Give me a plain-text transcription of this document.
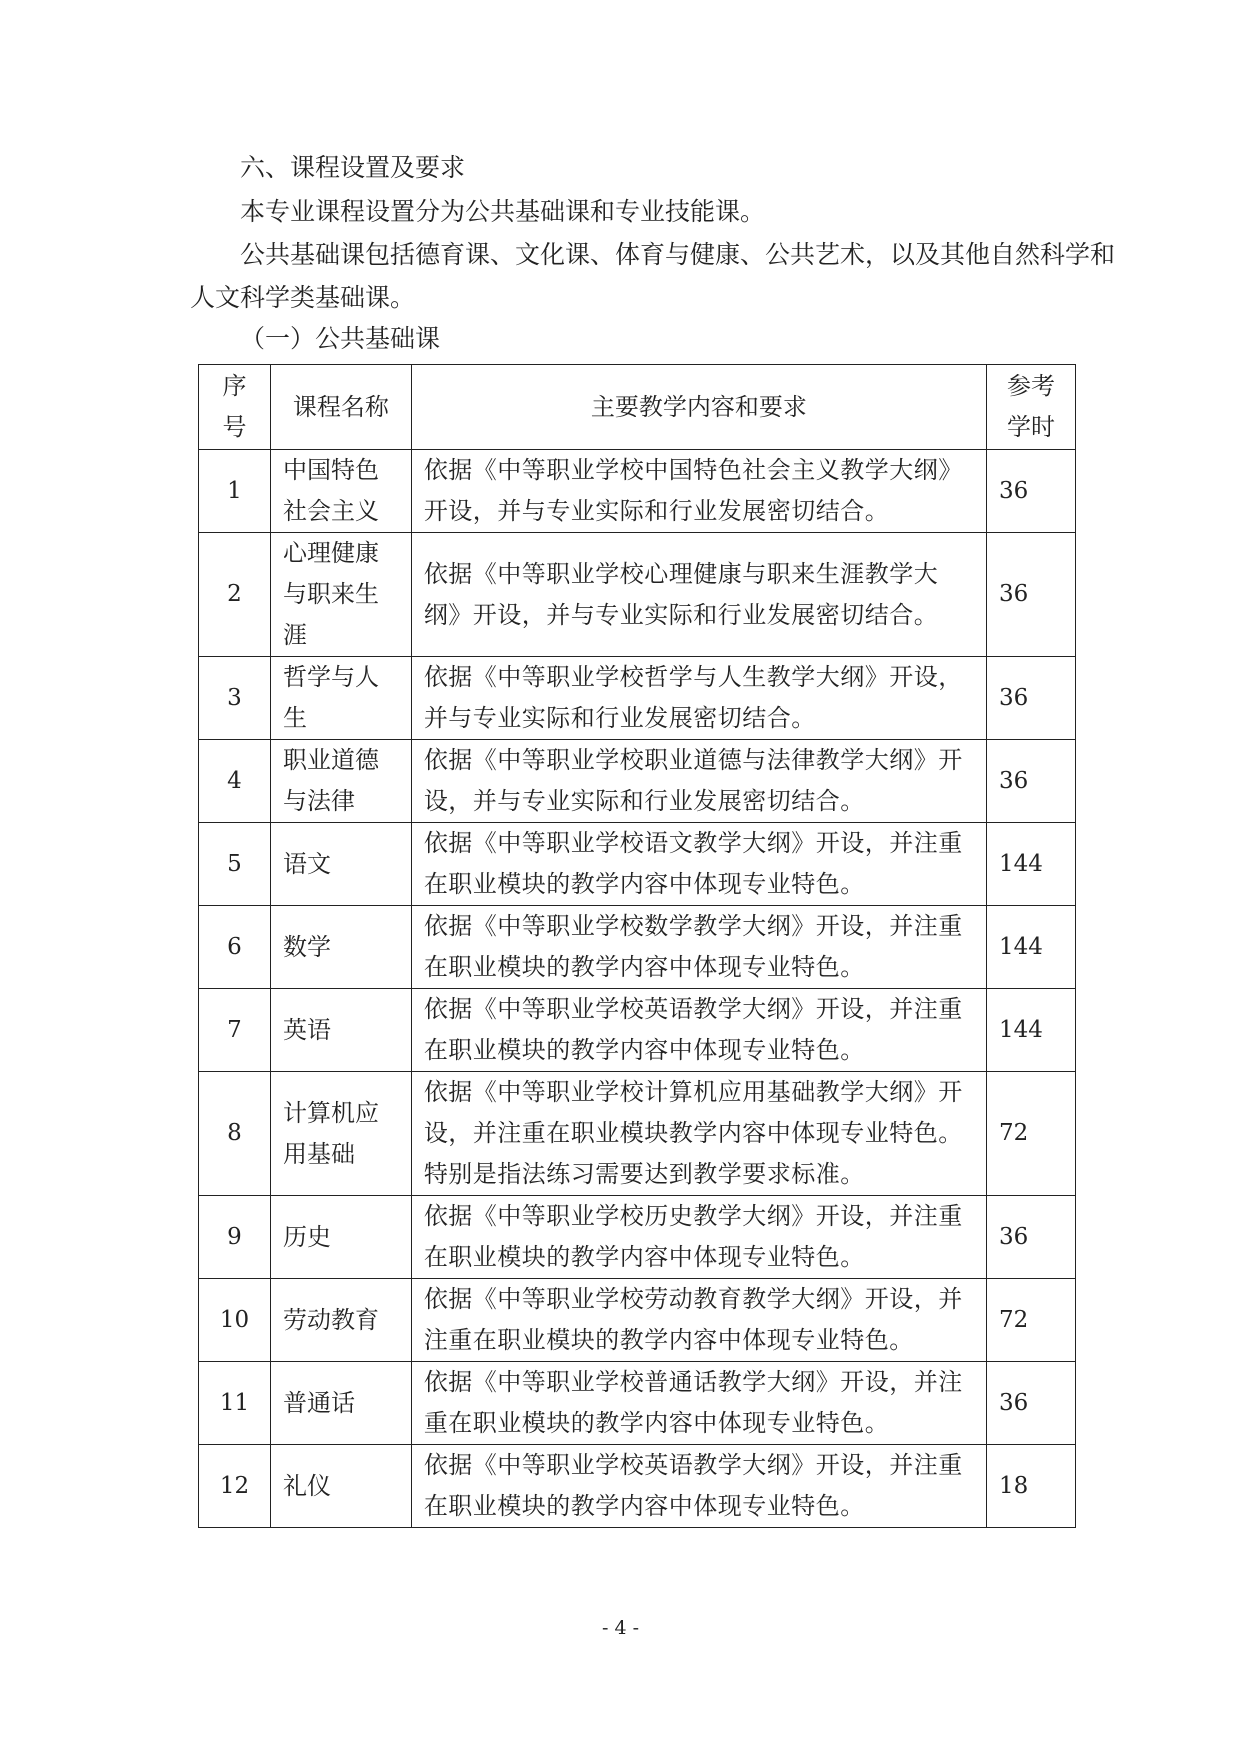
六、课程设置及要求

本专业课程设置分为公共基础课和专业技能课。

公共基础课包括德育课、文化课、体育与健康、公共艺术，以及其他自然科学和人文科学类基础课。

（一）公共基础课

序号	课程名称	主要教学内容和要求	参考学时
1	中国特色社会主义	依据《中等职业学校中国特色社会主义教学大纲》开设，并与专业实际和行业发展密切结合。	36
2	心理健康与职来生涯	依据《中等职业学校心理健康与职来生涯教学大纲》开设，并与专业实际和行业发展密切结合。	36
3	哲学与人生	依据《中等职业学校哲学与人生教学大纲》开设，并与专业实际和行业发展密切结合。	36
4	职业道德与法律	依据《中等职业学校职业道德与法律教学大纲》开设，并与专业实际和行业发展密切结合。	36
5	语文	依据《中等职业学校语文教学大纲》开设，并注重在职业模块的教学内容中体现专业特色。	144
6	数学	依据《中等职业学校数学教学大纲》开设，并注重在职业模块的教学内容中体现专业特色。	144
7	英语	依据《中等职业学校英语教学大纲》开设，并注重在职业模块的教学内容中体现专业特色。	144
8	计算机应用基础	依据《中等职业学校计算机应用基础教学大纲》开设，并注重在职业模块教学内容中体现专业特色。特别是指法练习需要达到教学要求标准。	72
9	历史	依据《中等职业学校历史教学大纲》开设，并注重在职业模块的教学内容中体现专业特色。	36
10	劳动教育	依据《中等职业学校劳动教育教学大纲》开设，并注重在职业模块的教学内容中体现专业特色。	72
11	普通话	依据《中等职业学校普通话教学大纲》开设，并注重在职业模块的教学内容中体现专业特色。	36
12	礼仪	依据《中等职业学校英语教学大纲》开设，并注重在职业模块的教学内容中体现专业特色。	18
- 4 -
